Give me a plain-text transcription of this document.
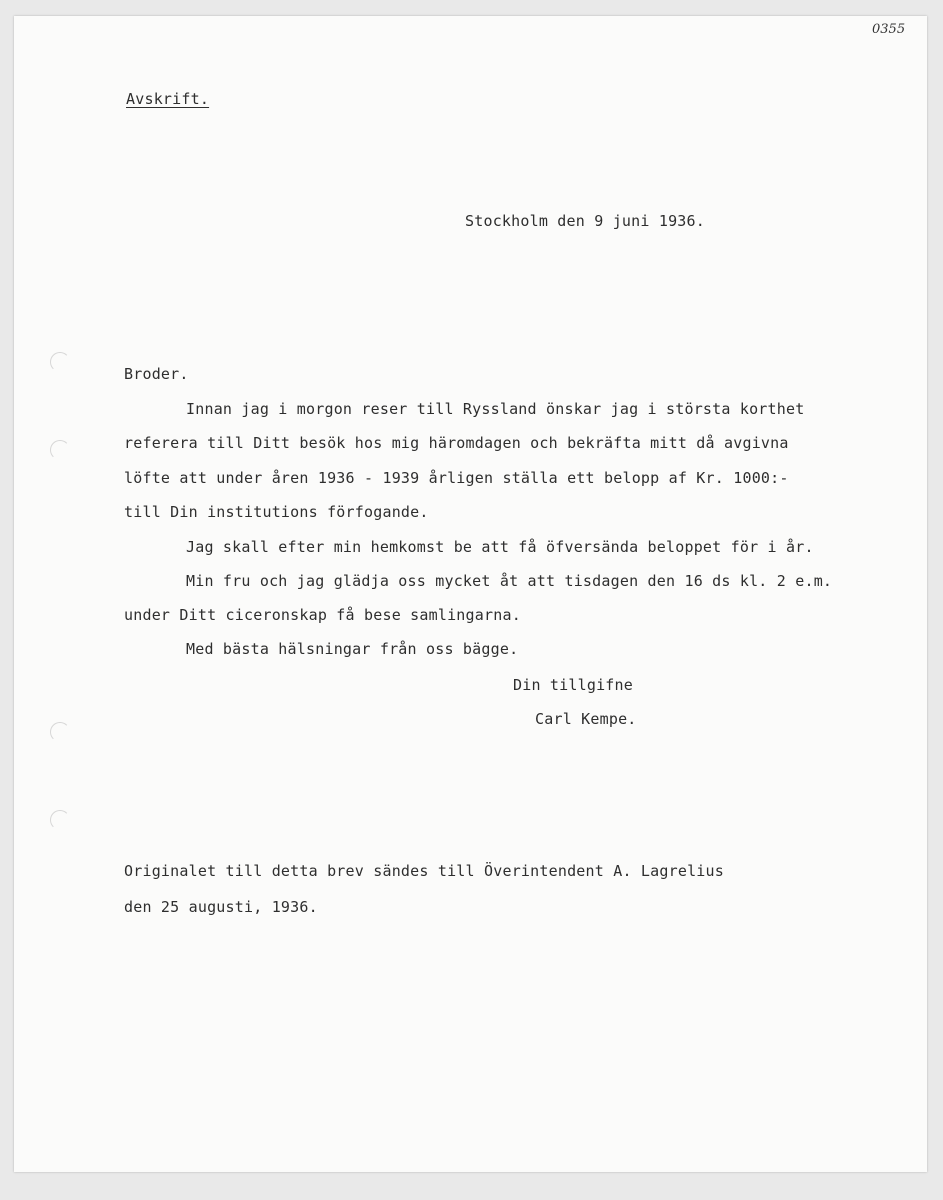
0355
Avskrift.
Stockholm den 9 juni 1936.
Broder.
Innan jag i morgon reser till Ryssland önskar jag i största korthet
referera till Ditt besök hos mig häromdagen och bekräfta mitt då avgivna
löfte att under åren 1936 - 1939 årligen ställa ett belopp af Kr. 1000:-
till Din institutions förfogande.
Jag skall efter min hemkomst be att få öfversända beloppet för i år.
Min fru och jag glädja oss mycket åt att tisdagen den 16 ds kl. 2 e.m.
under Ditt ciceronskap få bese samlingarna.
Med bästa hälsningar från oss bägge.
Din tillgifne
Carl Kempe.
Originalet till detta brev sändes till Överintendent A. Lagrelius
den 25 augusti, 1936.
